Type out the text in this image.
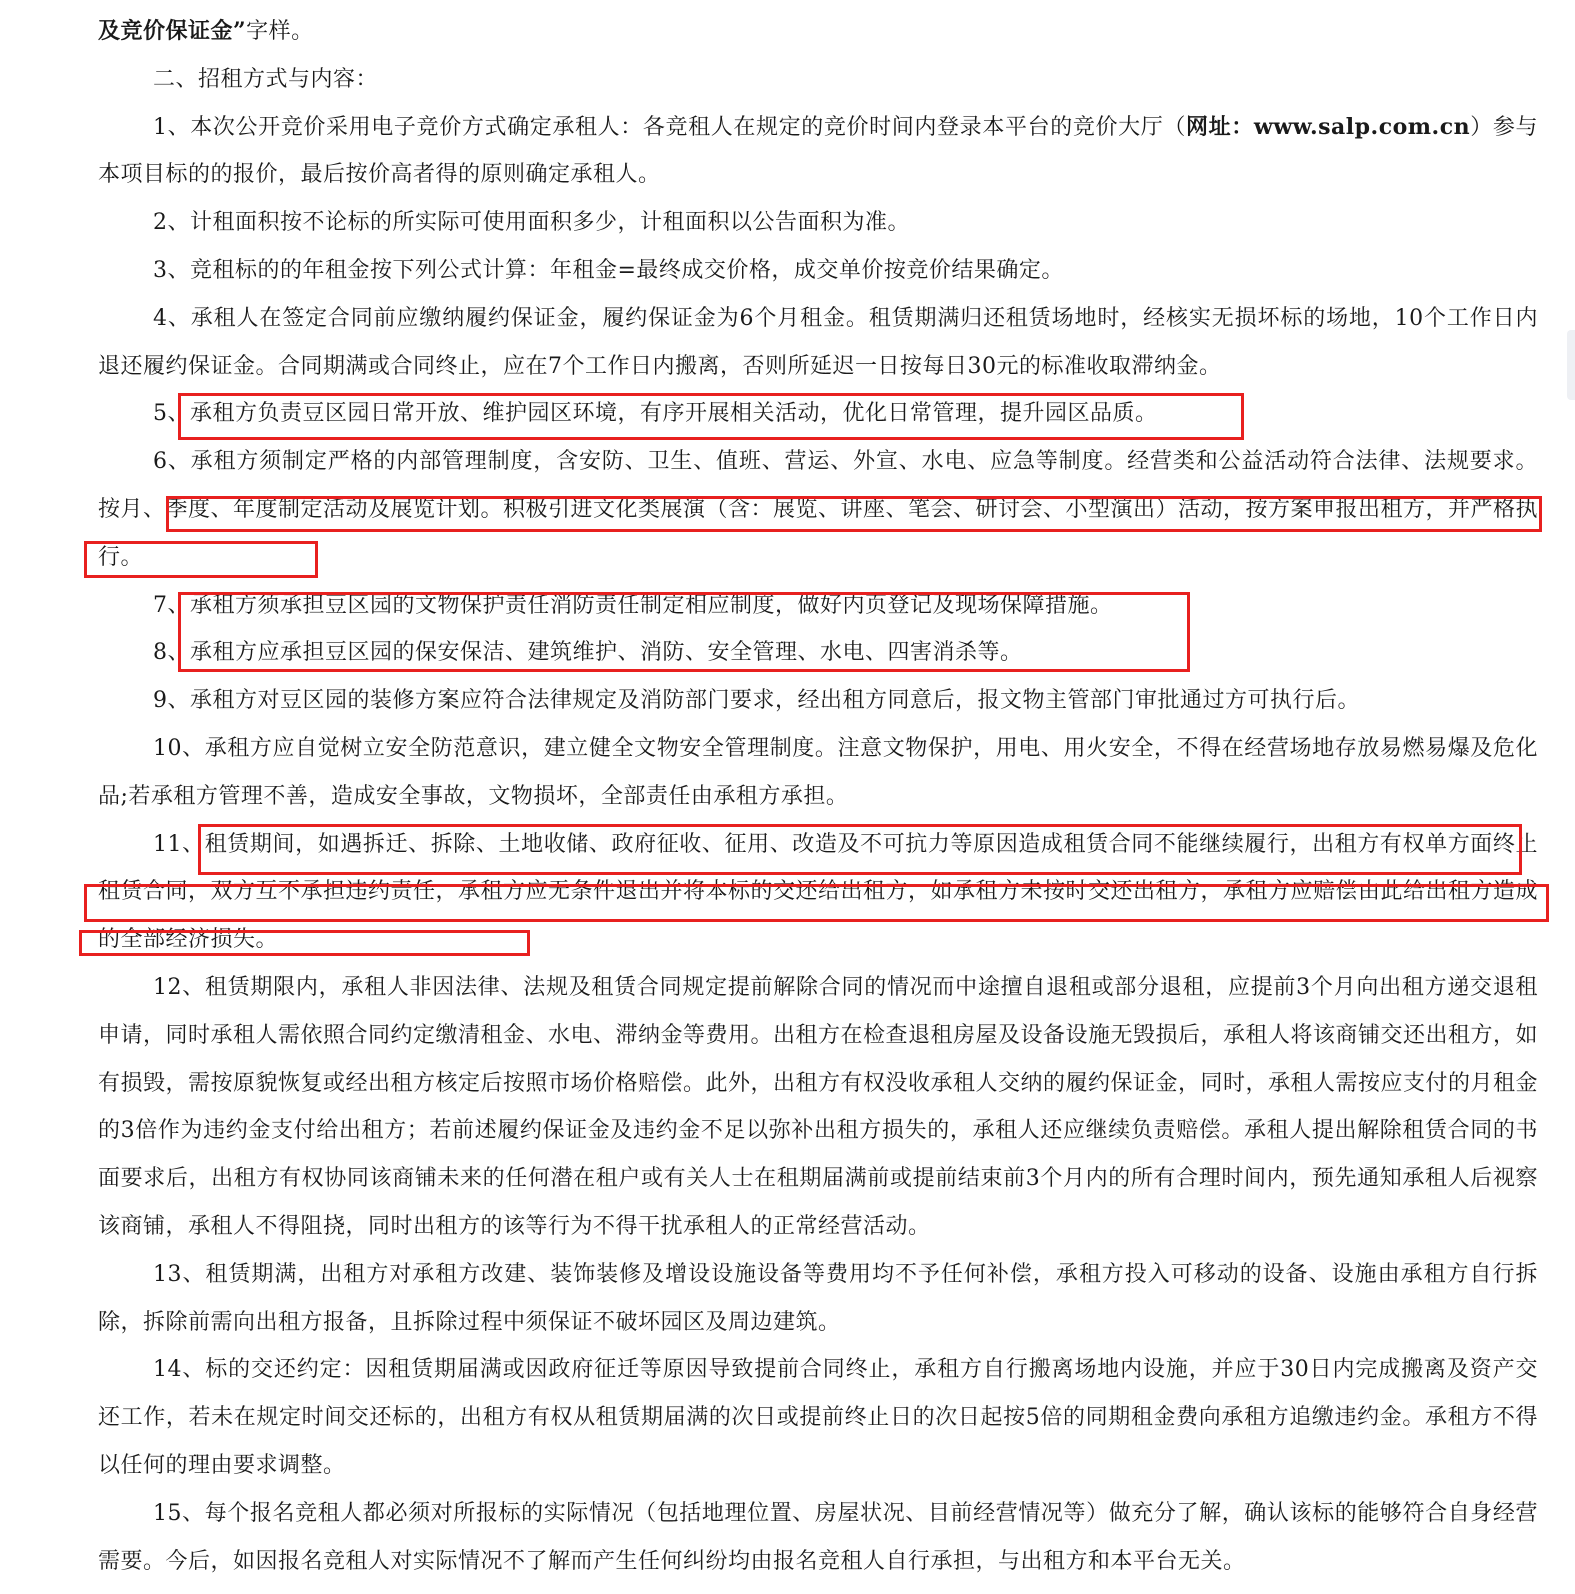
及竞价保证金”字样。

二、招租方式与内容：

1、本次公开竞价采用电子竞价方式确定承租人：各竞租人在规定的竞价时间内登录本平台的竞价大厅（网址：www.salp.com.cn）参与本项目标的的报价，最后按价高者得的原则确定承租人。

2、计租面积按不论标的所实际可使用面积多少，计租面积以公告面积为准。

3、竞租标的的年租金按下列公式计算：年租金=最终成交价格，成交单价按竞价结果确定。

4、承租人在签定合同前应缴纳履约保证金，履约保证金为6个月租金。租赁期满归还租赁场地时，经核实无损坏标的场地，10个工作日内退还履约保证金。合同期满或合同终止，应在7个工作日内搬离，否则所延迟一日按每日30元的标准收取滞纳金。

5、承租方负责豆区园日常开放、维护园区环境，有序开展相关活动，优化日常管理，提升园区品质。

6、承租方须制定严格的内部管理制度，含安防、卫生、值班、营运、外宣、水电、应急等制度。经营类和公益活动符合法律、法规要求。按月、季度、年度制定活动及展览计划。积极引进文化类展演（含：展览、讲座、笔会、研讨会、小型演出）活动，按方案申报出租方，并严格执行。

7、承租方须承担豆区园的文物保护责任消防责任制定相应制度，做好内页登记及现场保障措施。

8、承租方应承担豆区园的保安保洁、建筑维护、消防、安全管理、水电、四害消杀等。

9、承租方对豆区园的装修方案应符合法律规定及消防部门要求，经出租方同意后，报文物主管部门审批通过方可执行后。

10、承租方应自觉树立安全防范意识，建立健全文物安全管理制度。注意文物保护，用电、用火安全，不得在经营场地存放易燃易爆及危化品;若承租方管理不善，造成安全事故，文物损坏，全部责任由承租方承担。

11、租赁期间，如遇拆迁、拆除、土地收储、政府征收、征用、改造及不可抗力等原因造成租赁合同不能继续履行，出租方有权单方面终止租赁合同，双方互不承担违约责任，承租方应无条件退出并将本标的交还给出租方，如承租方未按时交还出租方，承租方应赔偿由此给出租方造成的全部经济损失。

12、租赁期限内，承租人非因法律、法规及租赁合同规定提前解除合同的情况而中途擅自退租或部分退租，应提前3个月向出租方递交退租申请，同时承租人需依照合同约定缴清租金、水电、滞纳金等费用。出租方在检查退租房屋及设备设施无毁损后，承租人将该商铺交还出租方，如有损毁，需按原貌恢复或经出租方核定后按照市场价格赔偿。此外，出租方有权没收承租人交纳的履约保证金，同时，承租人需按应支付的月租金的3倍作为违约金支付给出租方；若前述履约保证金及违约金不足以弥补出租方损失的，承租人还应继续负责赔偿。承租人提出解除租赁合同的书面要求后，出租方有权协同该商铺未来的任何潜在租户或有关人士在租期届满前或提前结束前3个月内的所有合理时间内，预先通知承租人后视察该商铺，承租人不得阻挠，同时出租方的该等行为不得干扰承租人的正常经营活动。

13、租赁期满，出租方对承租方改建、装饰装修及增设设施设备等费用均不予任何补偿，承租方投入可移动的设备、设施由承租方自行拆除，拆除前需向出租方报备，且拆除过程中须保证不破坏园区及周边建筑。

14、标的交还约定：因租赁期届满或因政府征迁等原因导致提前合同终止，承租方自行搬离场地内设施，并应于30日内完成搬离及资产交还工作，若未在规定时间交还标的，出租方有权从租赁期届满的次日或提前终止日的次日起按5倍的同期租金费向承租方追缴违约金。承租方不得以任何的理由要求调整。

15、每个报名竞租人都必须对所报标的实际情况（包括地理位置、房屋状况、目前经营情况等）做充分了解，确认该标的能够符合自身经营需要。今后，如因报名竞租人对实际情况不了解而产生任何纠纷均由报名竞租人自行承担，与出租方和本平台无关。
